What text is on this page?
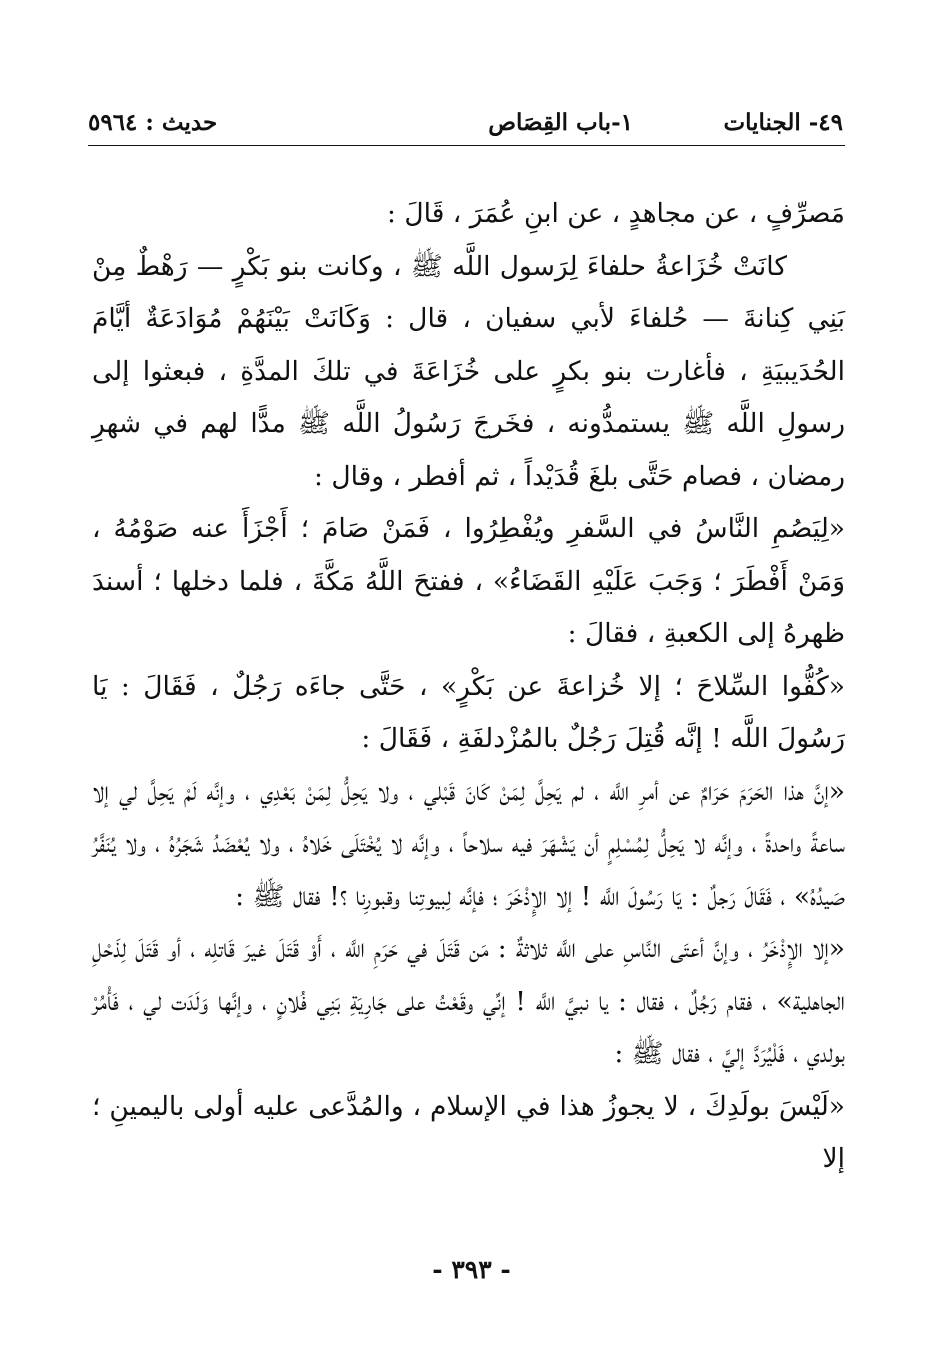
٤٩- الجنايات
١-باب القِصَاص
حديث : ٥٩٦٤

مَصرِّفٍ ، عن مجاهدٍ ، عن ابنِ عُمَرَ ، قَالَ :

كانَتْ خُزَاعةُ حلفاءَ لِرَسول اللَّه ﷺ ، وكانت بنو بَكْرٍ — رَهْطٌ مِنْ بَنِي كِنانةَ — حُلفاءَ لأبي سفيان ، قال : وَكَانَتْ بَيْنَهُمْ مُوَادَعَةٌ أيَّامَ الحُدَيبيَةِ ، فأغارت بنو بكرٍ على خُزَاعَةَ في تلكَ المدَّةِ ، فبعثوا إلى رسولِ اللَّه ﷺ يستمدُّونه ، فخَرجَ رَسُولُ اللَّه ﷺ مدًّا لهم في شهرِ رمضان ، فصام حَتَّى بلغَ قُدَيْداً ، ثم أفطر ، وقال :

«لِيَصُمِ النَّاسُ في السَّفرِ ويُفْطِرُوا ، فَمَنْ صَامَ ؛ أَجْزَأَ عنه صَوْمُهُ ، وَمَنْ أَفْطَرَ ؛ وَجَبَ عَلَيْهِ القَضَاءُ» ، ففتحَ اللَّهُ مَكَّةَ ، فلما دخلها ؛ أسندَ ظهرهُ إلى الكعبةِ ، فقالَ :

«كُفُّوا السِّلاحَ ؛ إلا خُزاعةَ عن بَكْرٍ» ، حَتَّى جاءَه رَجُلٌ ، فَقَالَ : يَا رَسُولَ اللَّه ! إنَّه قُتِلَ رَجُلٌ بالمُزْدلفَةِ ، فَقَالَ :

«إنَّ هذا الحَرَمَ حَرَامٌ عن أمرِ اللَّه ، لم يَحِلَّ لِمَنْ كَانَ قَبْلي ، ولا يَحِلُّ لِمَنْ بَعْدِي ، وإنَّه لَمْ يَحِلَّ لي إلا ساعةً واحدةً ، وإنَّه لا يَحِلُّ لِمُسْلِمٍ أن يَشْهَرَ فيه سلاحاً ، وإنَّه لا يُخْتَلَى خَلاهُ ، ولا يُعْضَدُ شَجَرُهُ ، ولا يُنَفَّرُ صَيدُهُ» ، فَقَالَ رَجلٌ : يَا رَسُولَ اللَّه ! إلا الإِذْخَرَ ؛ فإنَّه لِبيوتِنا وقبورِنا ؟! فقال ﷺ :

«إلا الإِذْخَرُ ، وإنَّ أعتَى النَّاسِ على اللَّه ثلاثةٌ : مَن قَتَلَ في حَرَمِ اللَّه ، أَوْ قَتَلَ غيرَ قَاتلِه ، أو قَتَلَ لِذَحْلِ الجاهلية» ، فقام رَجُلٌ ، فقال : يا نبيَّ اللَّه ! إنِّي وقَعْتُ على جَارِيَةِ بَنِي فُلانٍ ، وإنَّها وَلَدَت لي ، فَأْمُرْ بولدي ، فَلْيُرَدَّ إليَّ ، فقال ﷺ :

«لَيْسَ بولَدِكَ ، لا يجوزُ هذا في الإسلام ، والمُدَّعى عليه أولى باليمينِ ؛ إلا

- ٣٩٣ -
